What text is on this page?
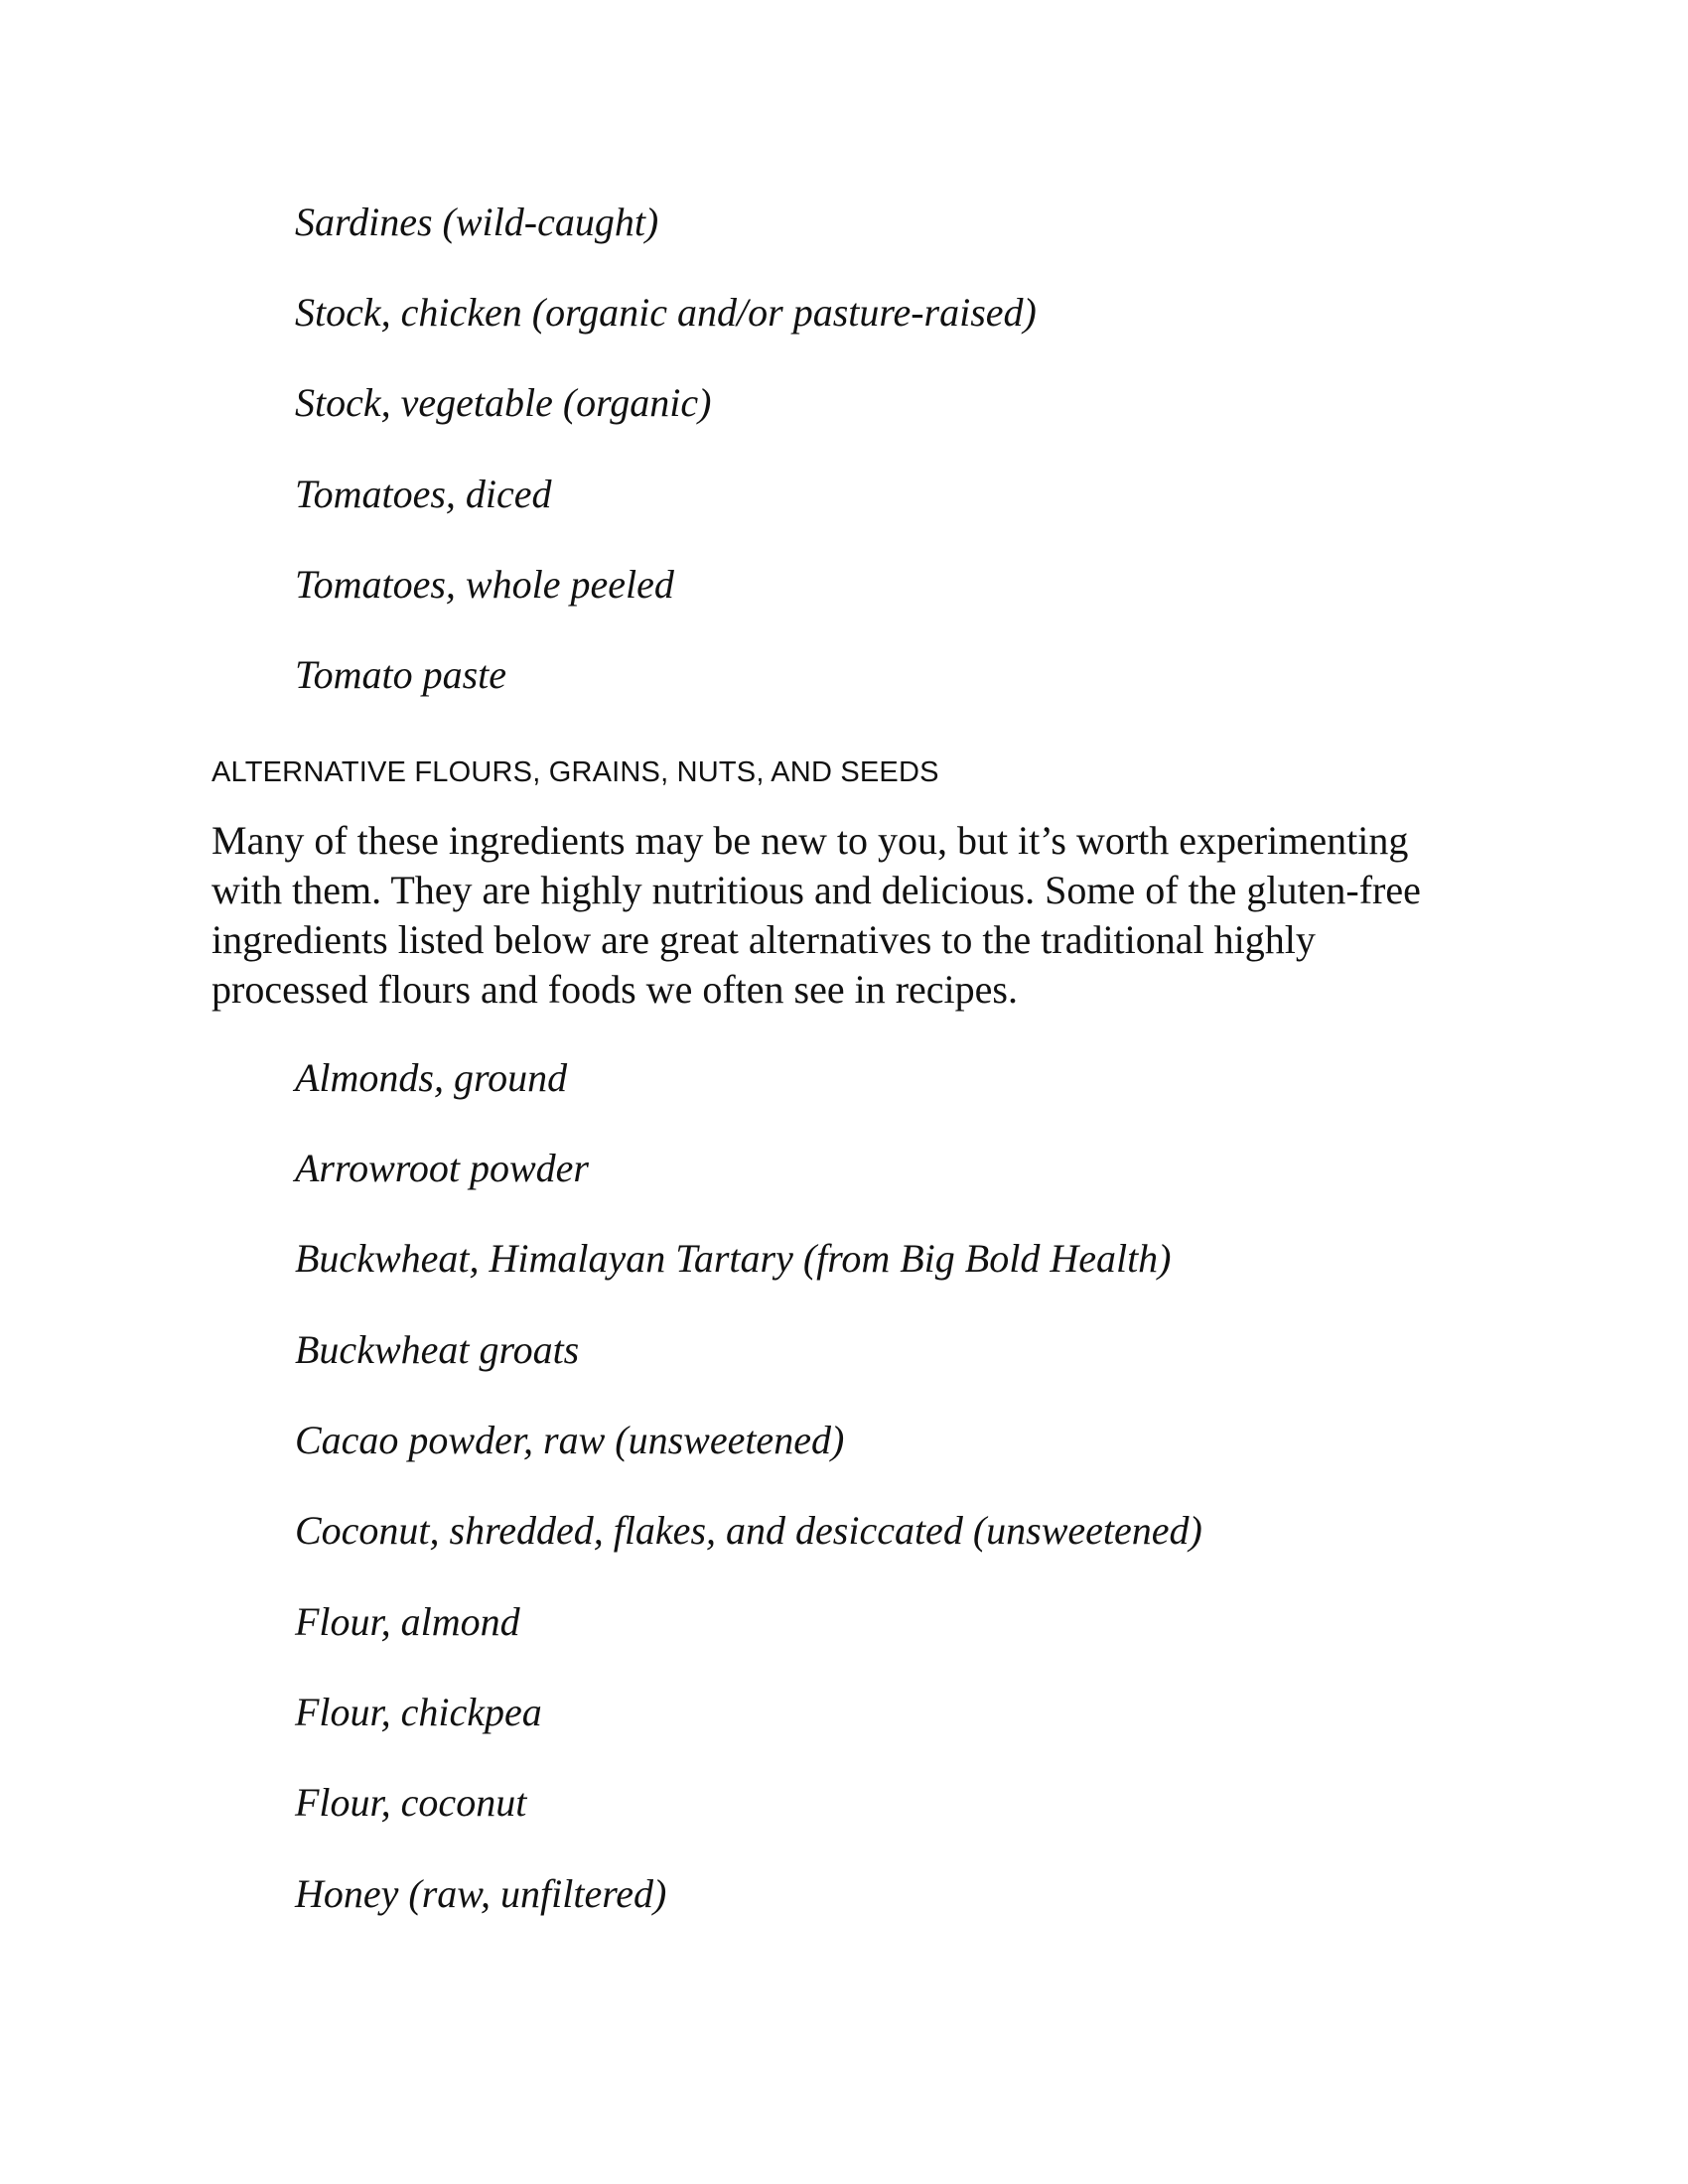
Sardines (wild-caught)
Stock, chicken (organic and/or pasture-raised)
Stock, vegetable (organic)
Tomatoes, diced
Tomatoes, whole peeled
Tomato paste
ALTERNATIVE FLOURS, GRAINS, NUTS, AND SEEDS
Many of these ingredients may be new to you, but it’s worth experimenting
with them. They are highly nutritious and delicious. Some of the gluten-free
ingredients listed below are great alternatives to the traditional highly
processed flours and foods we often see in recipes.
Almonds, ground
Arrowroot powder
Buckwheat, Himalayan Tartary (from Big Bold Health)
Buckwheat groats
Cacao powder, raw (unsweetened)
Coconut, shredded, flakes, and desiccated (unsweetened)
Flour, almond
Flour, chickpea
Flour, coconut
Honey (raw, unfiltered)
